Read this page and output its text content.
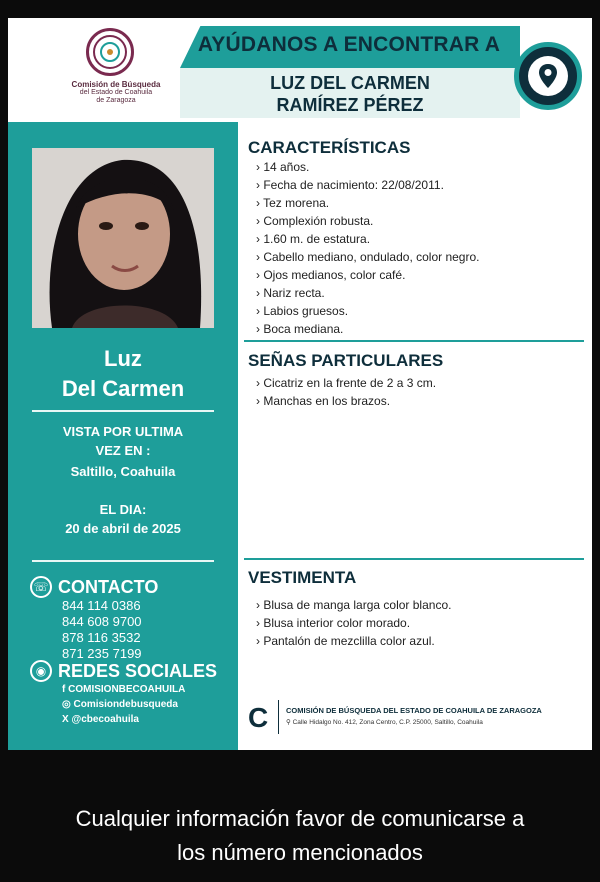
Comisión de Búsqueda
del Estado de Coahuila
de Zaragoza
AYÚDANOS A ENCONTRAR A
LUZ DEL CARMEN
RAMÍREZ PÉREZ
Luz
Del Carmen
VISTA POR ULTIMA
VEZ EN :
Saltillo, Coahuila
EL DIA:
20 de abril de 2025
☏ CONTACTO
844 114 0386
844 608 9700
878 116 3532
871 235 7199
◉ REDES SOCIALES
f COMISIONBECOAHUILA
◎ Comisiondebusqueda
X @cbecoahuila
CARACTERÍSTICAS
› 14 años.
› Fecha de nacimiento: 22/08/2011.
› Tez morena.
› Complexión robusta.
› 1.60 m. de estatura.
› Cabello mediano, ondulado, color negro.
› Ojos medianos, color café.
› Nariz recta.
› Labios gruesos.
› Boca mediana.
SEÑAS PARTICULARES
› Cicatriz en la frente de 2 a 3 cm.
› Manchas en los brazos.
VESTIMENTA
› Blusa de manga larga color blanco.
› Blusa interior color morado.
› Pantalón de mezclilla color azul.
C	COMISIÓN DE BÚSQUEDA DEL ESTADO DE COAHUILA DE ZARAGOZA
⚲ Calle Hidalgo No. 412, Zona Centro, C.P. 25000, Saltillo, Coahuila
Cualquier información favor de comunicarse a
los número mencionados
